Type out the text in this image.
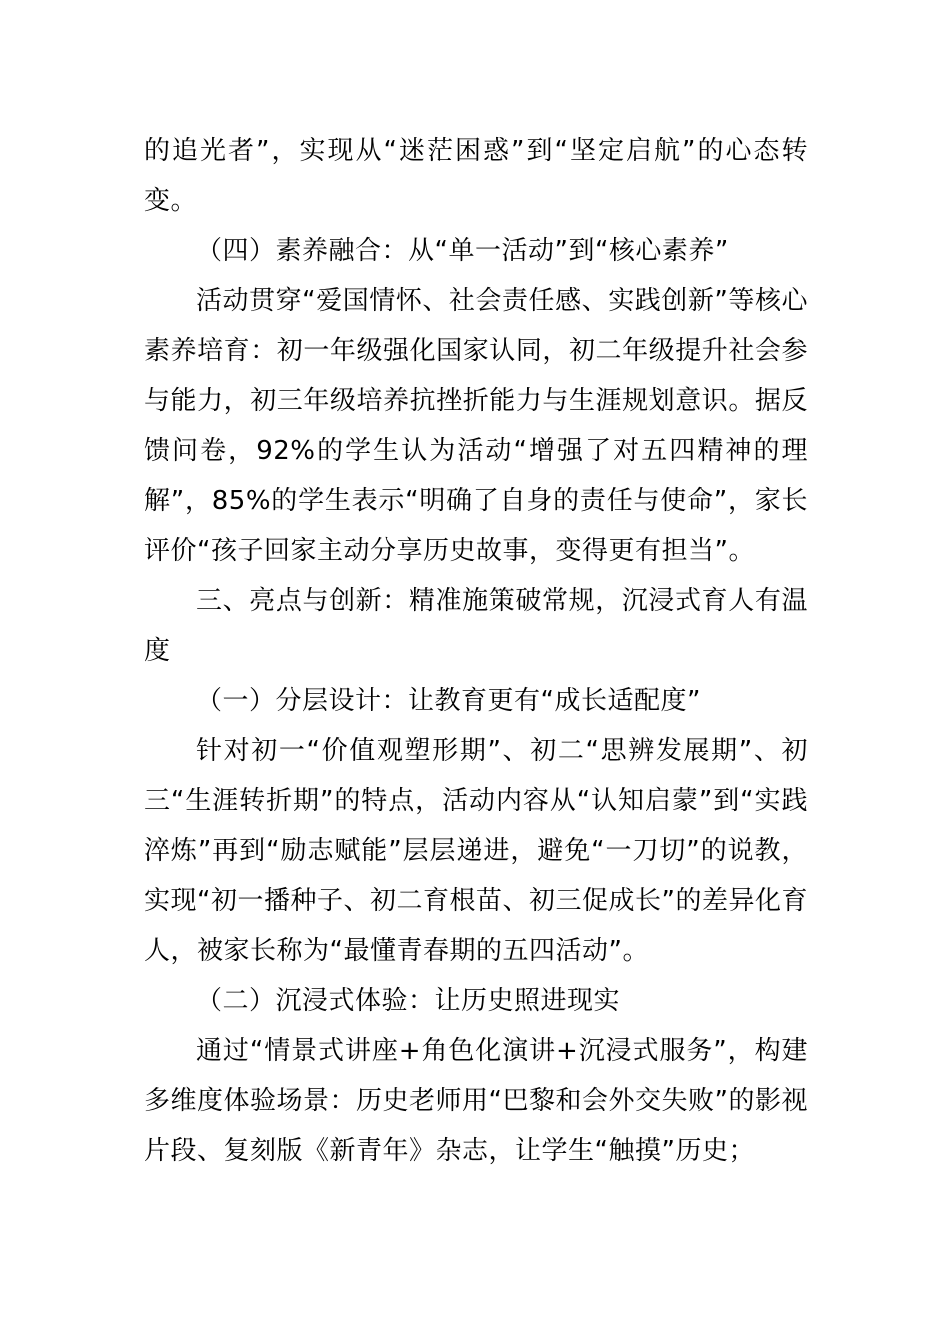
的追光者”，实现从“迷茫困惑”到“坚定启航”的心态转变。

（四）素养融合：从“单一活动”到“核心素养”

活动贯穿“爱国情怀、社会责任感、实践创新”等核心素养培育：初一年级强化国家认同，初二年级提升社会参与能力，初三年级培养抗挫折能力与生涯规划意识。据反馈问卷，92%的学生认为活动“增强了对五四精神的理解”，85%的学生表示“明确了自身的责任与使命”，家长评价“孩子回家主动分享历史故事，变得更有担当”。

三、亮点与创新：精准施策破常规，沉浸式育人有温度

（一）分层设计：让教育更有“成长适配度”

针对初一“价值观塑形期”、初二“思辨发展期”、初三“生涯转折期”的特点，活动内容从“认知启蒙”到“实践淬炼”再到“励志赋能”层层递进，避免“一刀切”的说教，实现“初一播种子、初二育根苗、初三促成长”的差异化育人，被家长称为“最懂青春期的五四活动”。

（二）沉浸式体验：让历史照进现实

通过“情景式讲座+角色化演讲+沉浸式服务”，构建多维度体验场景：历史老师用“巴黎和会外交失败”的影视片段、复刻版《新青年》杂志，让学生“触摸”历史；
